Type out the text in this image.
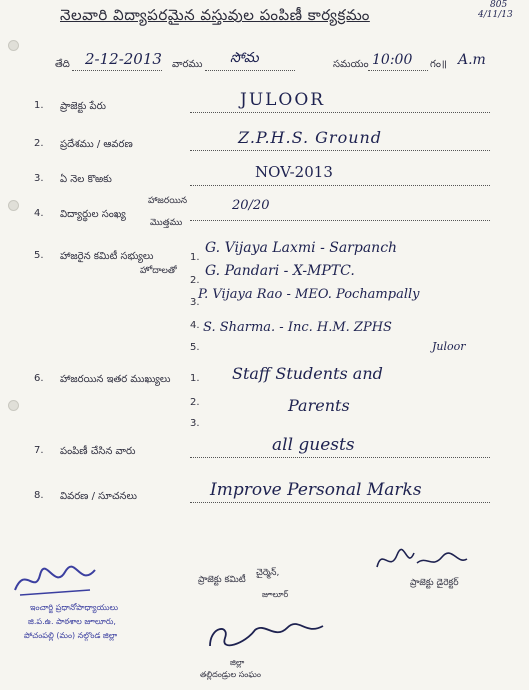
నెలవారి విద్యాపరమైన వస్తువుల పంపిణీ కార్యక్రమం
805
4/11/13
తేది 2-12-2013 వారము సోమ	సమయం 10:00 గం॥ A.m
1. ప్రాజెక్టు పేరు	JULOOR
2. ప్రదేశము / ఆవరణ	Z.P.H.S. Ground
3. ఏ నెల కొఱకు	NOV-2013
4. విద్యార్థుల సంఖ్య
హాజరయిన
మొత్తము
20/20
5. హాజరైన కమిటీ సభ్యులు
హోదాలతో
1.
G. Vijaya Laxmi - Sarpanch
2.
G. Pandari - X-MPTC.
3.
P. Vijaya Rao - MEO. Pochampally
4. S. Sharma. - Inc. H.M. ZPHS
5.	Juloor
6. హాజరయిన ఇతర ముఖ్యులు 1. Staff Students and
2.	Parents
3.
7. పంపిణీ చేసిన వారు	all guests
8. వివరణ / సూచనలు	Improve Personal Marks
ఇంచార్జి ప్రధానోపాధ్యాయులు
జి.ప.ఉ. పాఠశాల జూలూరు,
పోచంపల్లి (మం) నల్గొండ జిల్లా
ప్రాజెక్టు కమిటీ
చైర్మెన్,
జూలూర్
ప్రాజెక్టు డైరెక్టర్
తల్లిదండ్రుల సంఘం
జిల్లా
